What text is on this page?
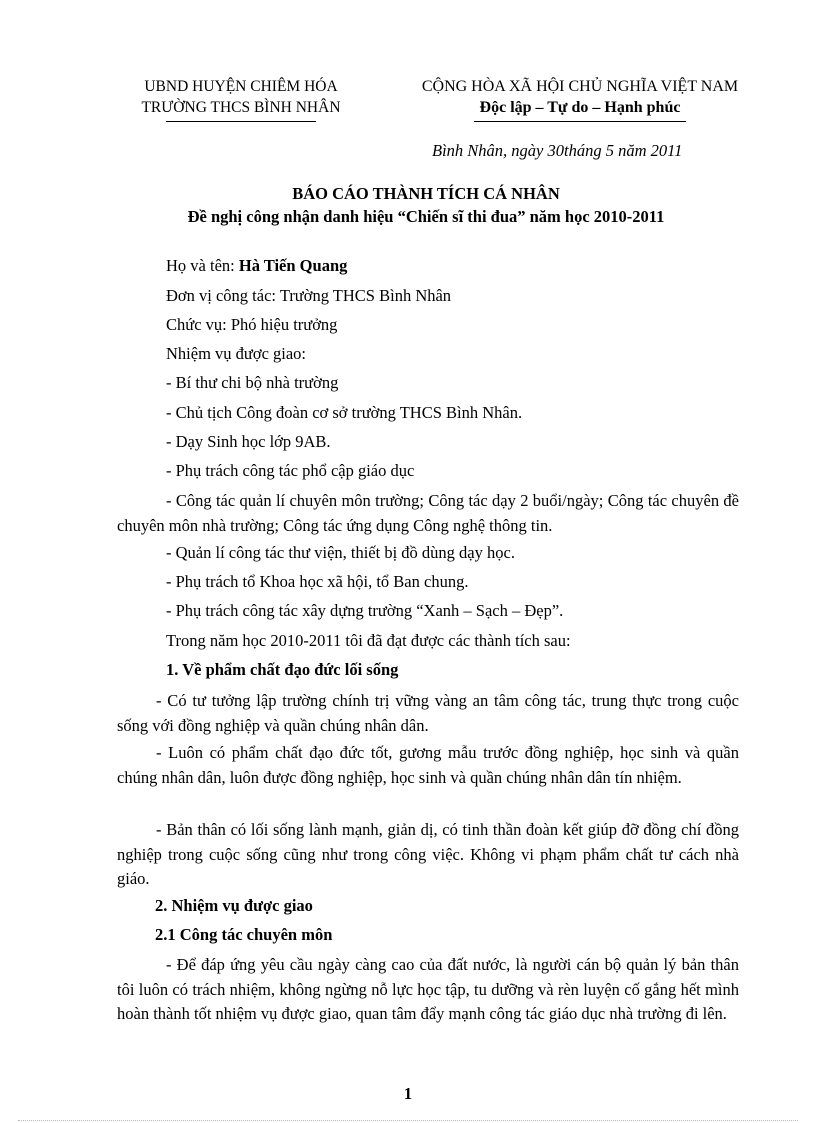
UBND HUYỆN CHIÊM HÓA
TRƯỜNG THCS BÌNH NHÂN
CỘNG HÒA XÃ HỘI CHỦ NGHĨA VIỆT NAM
Độc lập – Tự do – Hạnh phúc
Bình Nhân, ngày 30tháng 5 năm 2011
BÁO CÁO THÀNH TÍCH CÁ NHÂN
Đề nghị công nhận danh hiệu “Chiến sĩ thi đua” năm học 2010-2011
Họ và tên: Hà Tiến Quang
Đơn vị công tác: Trường THCS Bình Nhân
Chức vụ: Phó hiệu trưởng
Nhiệm vụ được giao:
- Bí thư chi bộ nhà trường
- Chủ tịch Công đoàn cơ sở trường THCS Bình Nhân.
- Dạy Sinh học lớp 9AB.
- Phụ trách công tác phổ cập giáo dục
- Công tác quản lí chuyên môn trường; Công tác dạy 2 buổi/ngày; Công tác chuyên đề chuyên môn nhà trường; Công tác ứng dụng Công nghệ thông tin.
- Quản lí công tác thư viện, thiết bị đồ dùng dạy học.
- Phụ trách tổ Khoa học xã hội, tổ Ban chung.
- Phụ trách công tác xây dựng trường “Xanh – Sạch – Đẹp”.
Trong năm học 2010-2011 tôi đã đạt được các thành tích sau:
1. Về phẩm chất đạo đức lối sống
- Có tư tưởng lập trường chính trị vững vàng an tâm công tác, trung thực trong cuộc sống với đồng nghiệp và quần chúng nhân dân.
- Luôn có phẩm chất đạo đức tốt, gương mẫu trước đồng nghiệp, học sinh và quần chúng nhân dân, luôn được đồng nghiệp, học sinh và quần chúng nhân dân tín nhiệm.
- Bản thân có lối sống lành mạnh, giản dị, có tinh thần đoàn kết giúp đỡ đồng chí đồng nghiệp trong cuộc sống cũng như trong công việc. Không vi phạm phẩm chất tư cách nhà giáo.
2. Nhiệm vụ được giao
2.1 Công tác chuyên môn
- Để đáp ứng yêu cầu ngày càng cao của đất nước, là người cán bộ quản lý bản thân tôi luôn có trách nhiệm, không ngừng nỗ lực học tập, tu dưỡng và rèn luyện cố gắng hết mình hoàn thành tốt nhiệm vụ được giao, quan tâm đẩy mạnh công tác giáo dục nhà trường đi lên.
1
